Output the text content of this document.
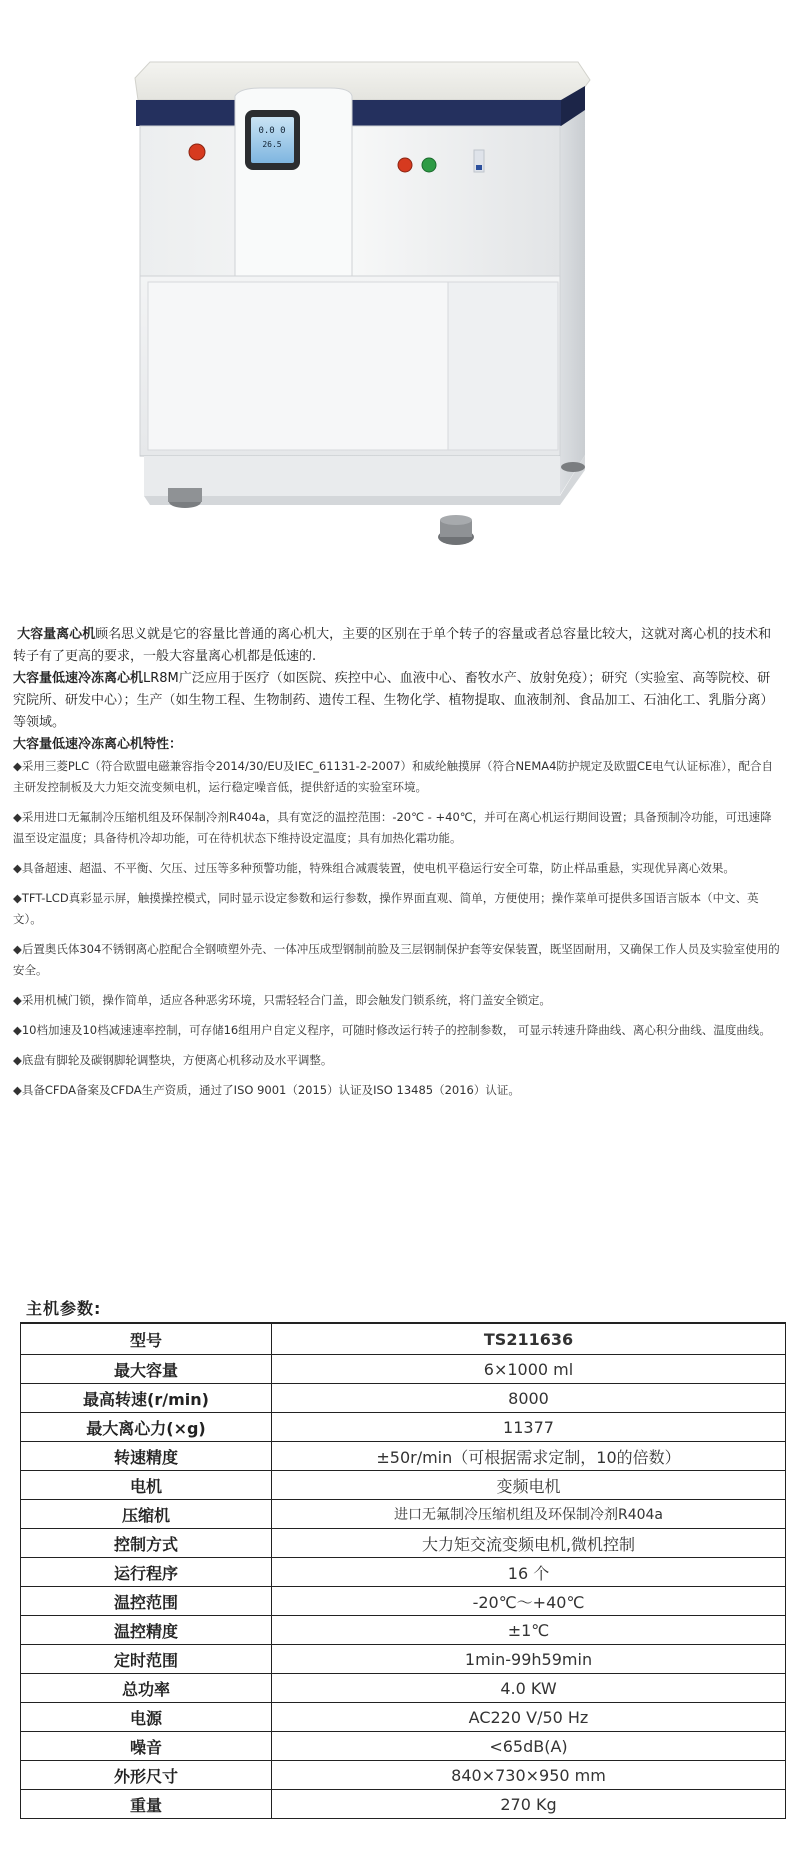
0.0 0
26.5

大容量离心机顾名思义就是它的容量比普通的离心机大，主要的区别在于单个转子的容量或者总容量比较大，这就对离心机的技术和转子有了更高的要求，一般大容量离心机都是低速的.

大容量低速冷冻离心机LR8M广泛应用于医疗（如医院、疾控中心、血液中心、畜牧水产、放射免疫）；研究（实验室、高等院校、研究院所、研发中心）；生产（如生物工程、生物制药、遗传工程、生物化学、植物提取、血液制剂、食品加工、石油化工、乳脂分离）等领域。

大容量低速冷冻离心机特性：

◆采用三菱PLC（符合欧盟电磁兼容指令2014/30/EU及IEC_61131-2-2007）和威纶触摸屏（符合NEMA4防护规定及欧盟CE电气认证标准），配合自主研发控制板及大力矩交流变频电机，运行稳定噪音低，提供舒适的实验室环境。

◆采用进口无氟制冷压缩机组及环保制冷剂R404a，具有宽泛的温控范围：-20℃ - +40℃，并可在离心机运行期间设置；具备预制冷功能，可迅速降温至设定温度；具备待机冷却功能，可在待机状态下维持设定温度；具有加热化霜功能。

◆具备超速、超温、不平衡、欠压、过压等多种预警功能，特殊组合减震装置，使电机平稳运行安全可靠，防止样品重悬，实现优异离心效果。

◆TFT-LCD真彩显示屏，触摸操控模式，同时显示设定参数和运行参数，操作界面直观、简单，方便使用；操作菜单可提供多国语言版本（中文、英文）。

◆后置奥氏体304不锈钢离心腔配合全钢喷塑外壳、一体冲压成型钢制前脸及三层钢制保护套等安保装置，既坚固耐用，又确保工作人员及实验室使用的安全。

◆采用机械门锁，操作简单，适应各种恶劣环境，只需轻轻合门盖，即会触发门锁系统，将门盖安全锁定。

◆10档加速及10档减速速率控制，可存储16组用户自定义程序，可随时修改运行转子的控制参数， 可显示转速升降曲线、离心积分曲线、温度曲线。

◆底盘有脚轮及碳钢脚轮调整块，方便离心机移动及水平调整。

◆具备CFDA备案及CFDA生产资质，通过了ISO 9001（2015）认证及ISO 13485（2016）认证。

主机参数:
型号	TS211636
最大容量	6×1000 ml
最高转速(r/min)	8000
最大离心力(×g)	11377
转速精度	±50r/min（可根据需求定制，10的倍数）
电机	变频电机
压缩机	进口无氟制冷压缩机组及环保制冷剂R404a
控制方式	大力矩交流变频电机,微机控制
运行程序	16 个
温控范围	-20℃～+40℃
温控精度	±1℃
定时范围	1min-99h59min
总功率	4.0 KW
电源	AC220 V/50 Hz
噪音	<65dB(A)
外形尺寸	840×730×950 mm
重量	270 Kg
